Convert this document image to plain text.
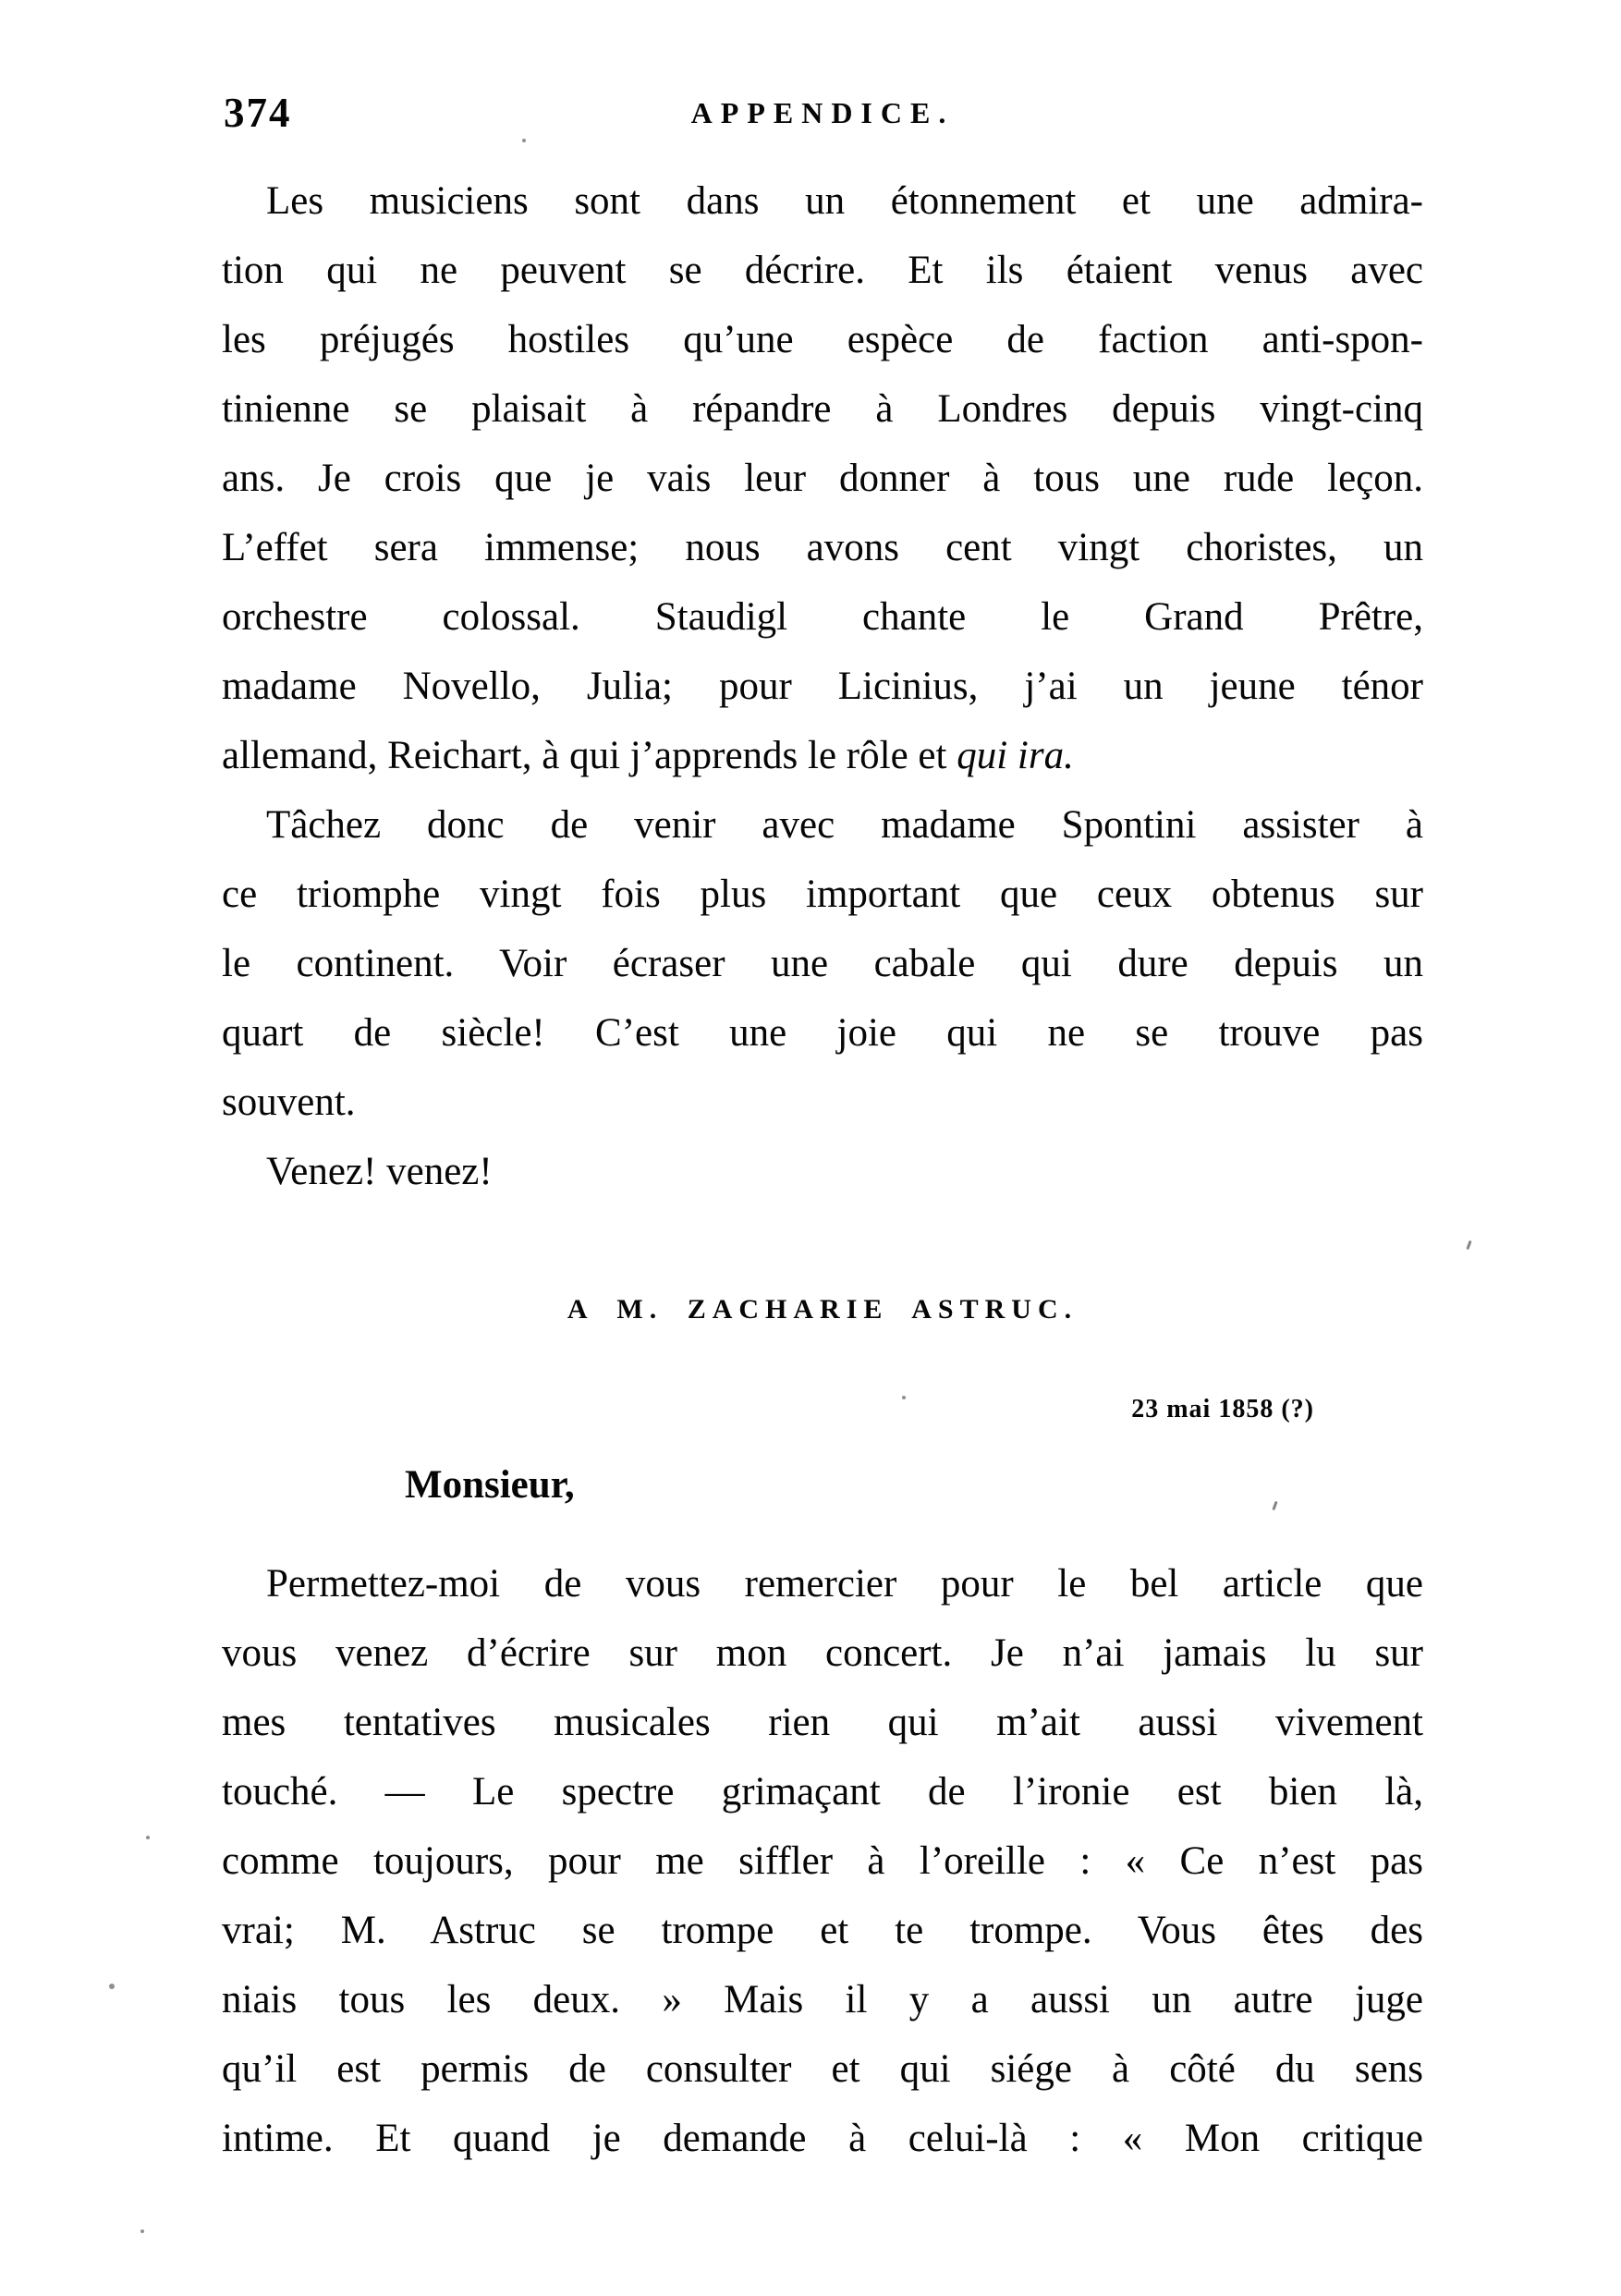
374	APPENDICE.
Les musiciens sont dans un étonnement et une admira-
tion qui ne peuvent se décrire. Et ils étaient venus avec
les préjugés hostiles qu’une espèce de faction anti-spon-
tinienne se plaisait à répandre à Londres depuis vingt-cinq
ans. Je crois que je vais leur donner à tous une rude leçon.
L’effet sera immense; nous avons cent vingt choristes, un
orchestre colossal. Staudigl chante le Grand Prêtre,
madame Novello, Julia; pour Licinius, j’ai un jeune ténor
allemand, Reichart, à qui j’apprends le rôle et qui ira.
Tâchez donc de venir avec madame Spontini assister à
ce triomphe vingt fois plus important que ceux obtenus sur
le continent. Voir écraser une cabale qui dure depuis un
quart de siècle! C’est une joie qui ne se trouve pas
souvent.
Venez! venez!
A M. ZACHARIE ASTRUC.
23 mai 1858 (?)
Monsieur,
Permettez-moi de vous remercier pour le bel article que
vous venez d’écrire sur mon concert. Je n’ai jamais lu sur
mes tentatives musicales rien qui m’ait aussi vivement
touché. — Le spectre grimaçant de l’ironie est bien là,
comme toujours, pour me siffler à l’oreille : « Ce n’est pas
vrai; M. Astruc se trompe et te trompe. Vous êtes des
niais tous les deux. » Mais il y a aussi un autre juge
qu’il est permis de consulter et qui siége à côté du sens
intime. Et quand je demande à celui-là : « Mon critique
